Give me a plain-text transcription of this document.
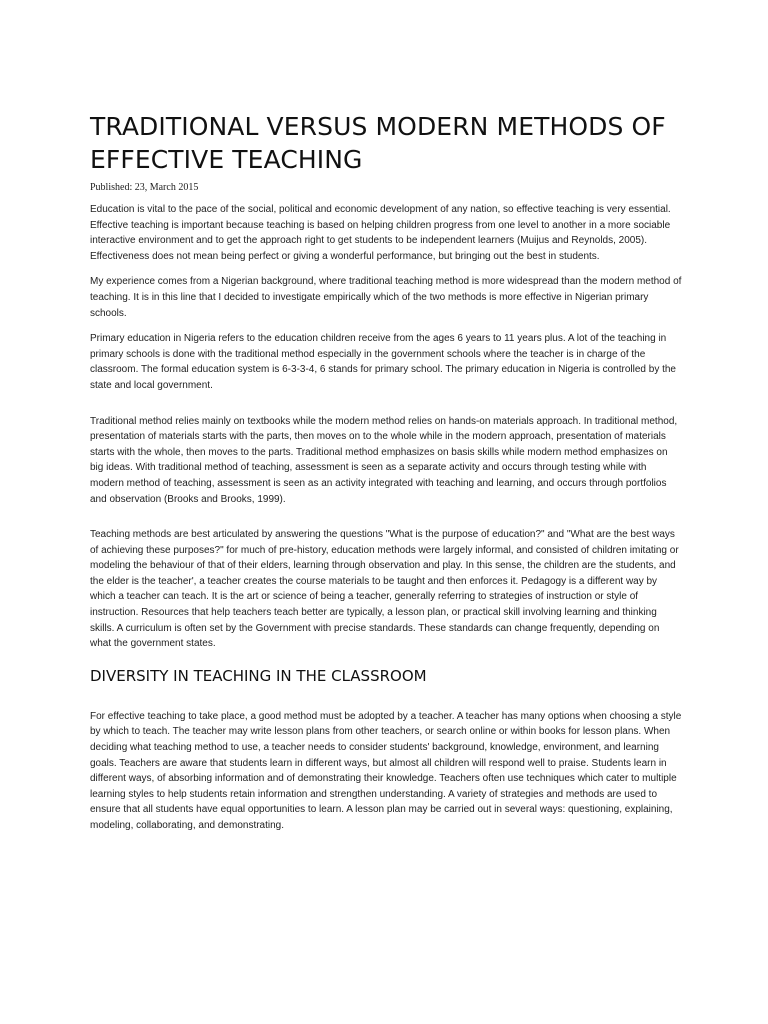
TRADITIONAL VERSUS MODERN METHODS OF EFFECTIVE TEACHING

Published: 23, March 2015

Education is vital to the pace of the social, political and economic development of any nation, so effective teaching is very essential. Effective teaching is important because teaching is based on helping children progress from one level to another in a more sociable interactive environment and to get the approach right to get students to be independent learners (Muijus and Reynolds, 2005). Effectiveness does not mean being perfect or giving a wonderful performance, but bringing out the best in students.

My experience comes from a Nigerian background, where traditional teaching method is more widespread than the modern method of teaching. It is in this line that I decided to investigate empirically which of the two methods is more effective in Nigerian primary schools.

Primary education in Nigeria refers to the education children receive from the ages 6 years to 11 years plus. A lot of the teaching in primary schools is done with the traditional method especially in the government schools where the teacher is in charge of the classroom. The formal education system is 6-3-3-4, 6 stands for primary school. The primary education in Nigeria is controlled by the state and local government.

Traditional method relies mainly on textbooks while the modern method relies on hands-on materials approach. In traditional method, presentation of materials starts with the parts, then moves on to the whole while in the modern approach, presentation of materials starts with the whole, then moves to the parts. Traditional method emphasizes on basis skills while modern method emphasizes on big ideas. With traditional method of teaching, assessment is seen as a separate activity and occurs through testing while with modern method of teaching, assessment is seen as an activity integrated with teaching and learning, and occurs through portfolios and observation (Brooks and Brooks, 1999).

Teaching methods are best articulated by answering the questions "What is the purpose of education?" and "What are the best ways of achieving these purposes?" for much of pre-history, education methods were largely informal, and consisted of children imitating or modeling the behaviour of that of their elders, learning through observation and play. In this sense, the children are the students, and the elder is the teacher', a teacher creates the course materials to be taught and then enforces it. Pedagogy is a different way by which a teacher can teach. It is the art or science of being a teacher, generally referring to strategies of instruction or style of instruction. Resources that help teachers teach better are typically, a lesson plan, or practical skill involving learning and thinking skills. A curriculum is often set by the Government with precise standards. These standards can change frequently, depending on what the government states.

DIVERSITY IN TEACHING IN THE CLASSROOM

For effective teaching to take place, a good method must be adopted by a teacher. A teacher has many options when choosing a style by which to teach. The teacher may write lesson plans from other teachers, or search online or within books for lesson plans. When deciding what teaching method to use, a teacher needs to consider students' background, knowledge, environment, and learning goals. Teachers are aware that students learn in different ways, but almost all children will respond well to praise. Students learn in different ways, of absorbing information and of demonstrating their knowledge. Teachers often use techniques which cater to multiple learning styles to help students retain information and strengthen understanding. A variety of strategies and methods are used to ensure that all students have equal opportunities to learn. A lesson plan may be carried out in several ways: questioning, explaining, modeling, collaborating, and demonstrating.
